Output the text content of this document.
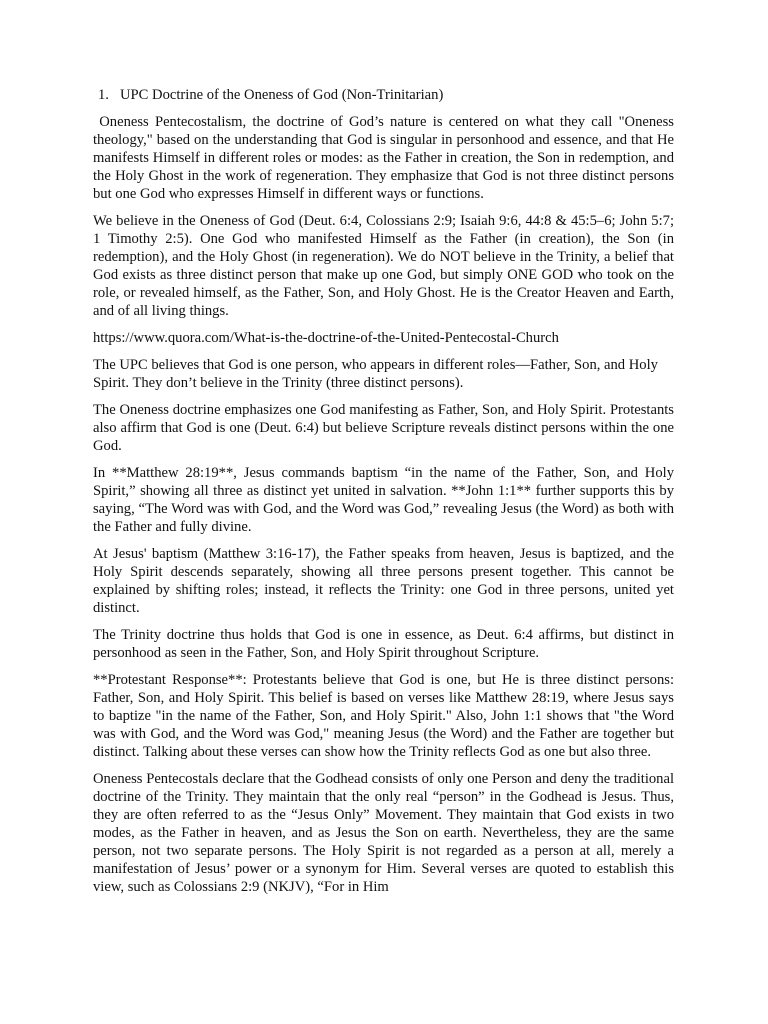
1. UPC Doctrine of the Oneness of God (Non-Trinitarian)

Oneness Pentecostalism, the doctrine of God’s nature is centered on what they call "Oneness theology," based on the understanding that God is singular in personhood and essence, and that He manifests Himself in different roles or modes: as the Father in creation, the Son in redemption, and the Holy Ghost in the work of regeneration. They emphasize that God is not three distinct persons but one God who expresses Himself in different ways or functions.

We believe in the Oneness of God (Deut. 6:4, Colossians 2:9; Isaiah 9:6, 44:8 & 45:5–6; John 5:7; 1 Timothy 2:5). One God who manifested Himself as the Father (in creation), the Son (in redemption), and the Holy Ghost (in regeneration). We do NOT believe in the Trinity, a belief that God exists as three distinct person that make up one God, but simply ONE GOD who took on the role, or revealed himself, as the Father, Son, and Holy Ghost. He is the Creator Heaven and Earth, and of all living things.

https://www.quora.com/What-is-the-doctrine-of-the-United-Pentecostal-Church

The UPC believes that God is one person, who appears in different roles—Father, Son, and Holy Spirit. They don’t believe in the Trinity (three distinct persons).

The Oneness doctrine emphasizes one God manifesting as Father, Son, and Holy Spirit. Protestants also affirm that God is one (Deut. 6:4) but believe Scripture reveals distinct persons within the one God.

In **Matthew 28:19**, Jesus commands baptism “in the name of the Father, Son, and Holy Spirit,” showing all three as distinct yet united in salvation. **John 1:1** further supports this by saying, “The Word was with God, and the Word was God,” revealing Jesus (the Word) as both with the Father and fully divine.

At Jesus' baptism (Matthew 3:16-17), the Father speaks from heaven, Jesus is baptized, and the Holy Spirit descends separately, showing all three persons present together. This cannot be explained by shifting roles; instead, it reflects the Trinity: one God in three persons, united yet distinct.

The Trinity doctrine thus holds that God is one in essence, as Deut. 6:4 affirms, but distinct in personhood as seen in the Father, Son, and Holy Spirit throughout Scripture.

**Protestant Response**: Protestants believe that God is one, but He is three distinct persons: Father, Son, and Holy Spirit. This belief is based on verses like Matthew 28:19, where Jesus says to baptize "in the name of the Father, Son, and Holy Spirit." Also, John 1:1 shows that "the Word was with God, and the Word was God," meaning Jesus (the Word) and the Father are together but distinct. Talking about these verses can show how the Trinity reflects God as one but also three.

Oneness Pentecostals declare that the Godhead consists of only one Person and deny the traditional doctrine of the Trinity. They maintain that the only real “person” in the Godhead is Jesus. Thus, they are often referred to as the “Jesus Only” Movement. They maintain that God exists in two modes, as the Father in heaven, and as Jesus the Son on earth. Nevertheless, they are the same person, not two separate persons. The Holy Spirit is not regarded as a person at all, merely a manifestation of Jesus’ power or a synonym for Him. Several verses are quoted to establish this view, such as Colossians 2:9 (NKJV), “For in Him
